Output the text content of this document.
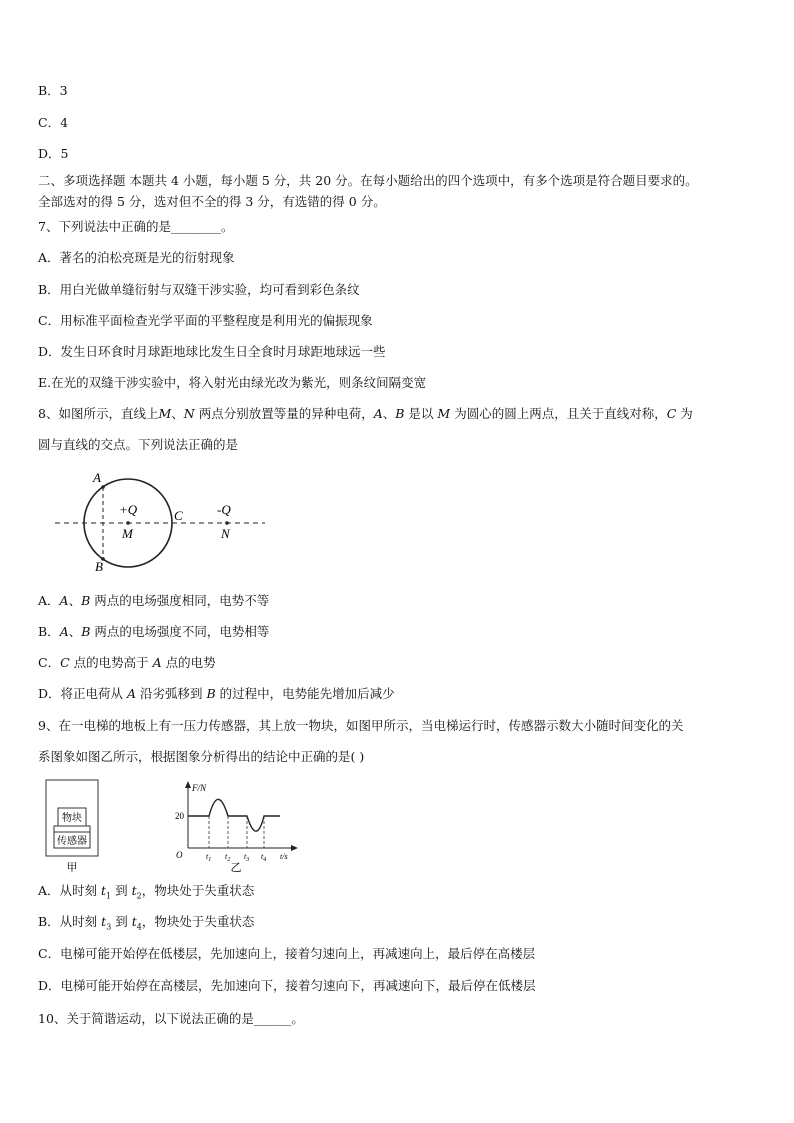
B．3
C．4
D．5
二、多项选择题 本题共 4 小题，每小题 5 分，共 20 分。在每小题给出的四个选项中，有多个选项是符合题目要求的。
全部选对的得 5 分，选对但不全的得 3 分，有选错的得 0 分。
7、下列说法中正确的是________。
A．著名的泊松亮斑是光的衍射现象
B．用白光做单缝衍射与双缝干涉实验，均可看到彩色条纹
C．用标准平面检查光学平面的平整程度是利用光的偏振现象
D．发生日环食时月球距地球比发生日全食时月球距地球远一些
E.在光的双缝干涉实验中，将入射光由绿光改为紫光，则条纹间隔变宽
8、如图所示，直线上M、N 两点分别放置等量的异种电荷，A、B 是以 M 为圆心的圆上两点，且关于直线对称，C 为
圆与直线的交点。下列说法正确的是
A
B
C
+Q
M
-Q
N
A．A、B 两点的电场强度相同，电势不等
B．A、B 两点的电场强度不同，电势相等
C．C 点的电势高于 A 点的电势
D．将正电荷从 A 沿劣弧移到 B 的过程中，电势能先增加后减少
9、在一电梯的地板上有一压力传感器，其上放一物块，如图甲所示，当电梯运行时，传感器示数大小随时间变化的关
系图象如图乙所示，根据图象分析得出的结论中正确的是( )
物块
传感器
甲
F/N
20
O	$t_1$ $t_2$ $t_3$ $t_4$ t/s
乙
A．从时刻 $t_1$ 到 $t_2$，物块处于失重状态
B．从时刻 $t_3$ 到 $t_4$，物块处于失重状态
C．电梯可能开始停在低楼层，先加速向上，接着匀速向上，再减速向上，最后停在高楼层
D．电梯可能开始停在高楼层，先加速向下，接着匀速向下，再减速向下，最后停在低楼层
10、关于简谐运动，以下说法正确的是______。
